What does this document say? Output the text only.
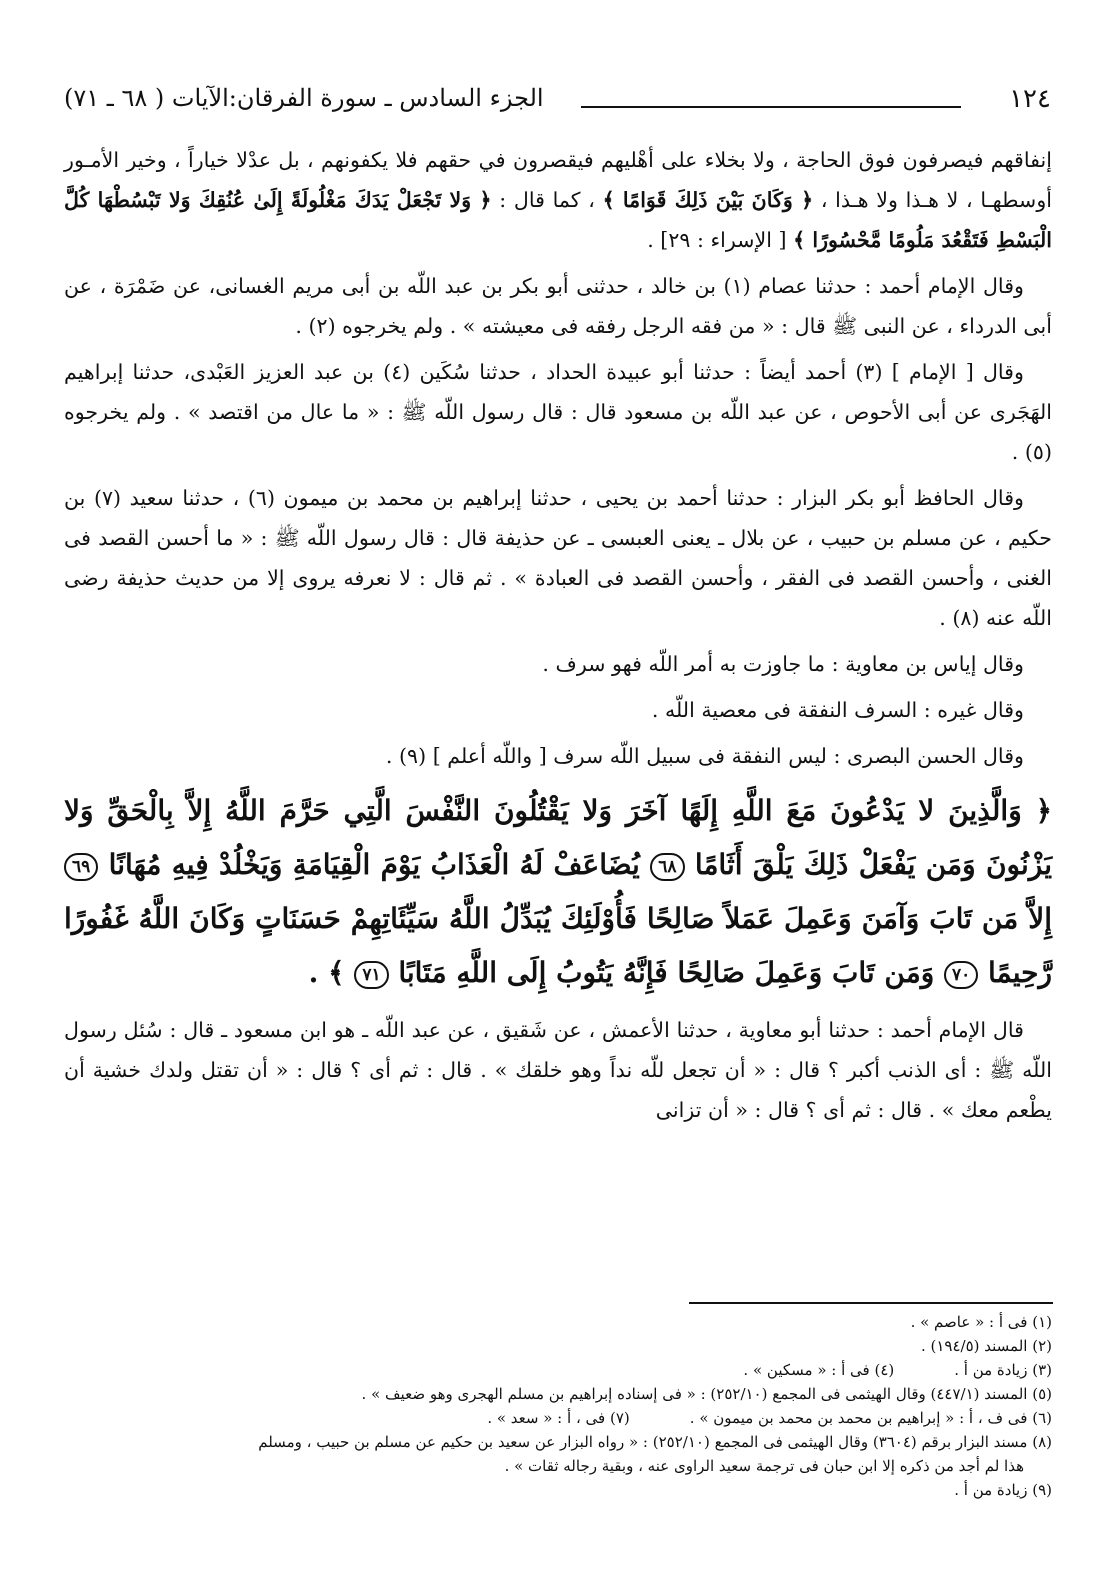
١٢٤
الجزء السادس ـ سورة الفرقان:الآيات ( ٦٨ ـ ٧١)

إنفاقهم فيصرفون فوق الحاجة ، ولا بخلاء على أهْليهم فيقصرون في حقهم فلا يكفونهم ، بل عدْلا خياراً ، وخير الأمـور أوسطهـا ، لا هـذا ولا هـذا ، ﴿ وَكَانَ بَيْنَ ذَلِكَ قَوَامًا ﴾ ، كما قال : ﴿ وَلا تَجْعَلْ يَدَكَ مَغْلُولَةً إِلَىٰ عُنُقِكَ وَلا تَبْسُطْهَا كُلَّ الْبَسْطِ فَتَقْعُدَ مَلُومًا مَّحْسُورًا ﴾ [ الإسراء : ٢٩] .

وقال الإمام أحمد : حدثنا عصام (١) بن خالد ، حدثنى أبو بكر بن عبد اللّه بن أبى مريم الغسانى، عن ضَمْرَة ، عن أبى الدرداء ، عن النبى ﷺ قال : « من فقه الرجل رفقه فى معيشته » . ولم يخرجوه (٢) .

وقال [ الإمام ] (٣) أحمد أيضاً : حدثنا أبو عبيدة الحداد ، حدثنا سُكَين (٤) بن عبد العزيز العَبْدى، حدثنا إبراهيم الهَجَرى عن أبى الأحوص ، عن عبد اللّه بن مسعود قال : قال رسول اللّه ﷺ : « ما عال من اقتصد » . ولم يخرجوه (٥) .

وقال الحافظ أبو بكر البزار : حدثنا أحمد بن يحيى ، حدثنا إبراهيم بن محمد بن ميمون (٦) ، حدثنا سعيد (٧) بن حكيم ، عن مسلم بن حبيب ، عن بلال ـ يعنى العبسى ـ عن حذيفة قال : قال رسول اللّه ﷺ : « ما أحسن القصد فى الغنى ، وأحسن القصد فى الفقر ، وأحسن القصد فى العبادة » . ثم قال : لا نعرفه يروى إلا من حديث حذيفة رضى اللّه عنه (٨) .

وقال إياس بن معاوية : ما جاوزت به أمر اللّه فهو سرف .

وقال غيره : السرف النفقة فى معصية اللّه .

وقال الحسن البصرى : ليس النفقة فى سبيل اللّه سرف [ واللّه أعلم ] (٩) .

﴿ وَالَّذِينَ لا يَدْعُونَ مَعَ اللَّهِ إِلَهًا آخَرَ وَلا يَقْتُلُونَ النَّفْسَ الَّتِي حَرَّمَ اللَّهُ إِلاَّ بِالْحَقِّ وَلا يَزْنُونَ وَمَن يَفْعَلْ ذَلِكَ يَلْقَ أَثَامًا ٦٨ يُضَاعَفْ لَهُ الْعَذَابُ يَوْمَ الْقِيَامَةِ وَيَخْلُدْ فِيهِ مُهَانًا ٦٩ إِلاَّ مَن تَابَ وَآمَنَ وَعَمِلَ عَمَلاً صَالِحًا فَأُوْلَئِكَ يُبَدِّلُ اللَّهُ سَيِّئَاتِهِمْ حَسَنَاتٍ وَكَانَ اللَّهُ غَفُورًا رَّحِيمًا ٧٠ وَمَن تَابَ وَعَمِلَ صَالِحًا فَإِنَّهُ يَتُوبُ إِلَى اللَّهِ مَتَابًا ٧١ ﴾ .

قال الإمام أحمد : حدثنا أبو معاوية ، حدثنا الأعمش ، عن شَقيق ، عن عبد اللّه ـ هو ابن مسعود ـ قال : سُئل رسول اللّه ﷺ : أى الذنب أكبر ؟ قال : « أن تجعل للّه نداً وهو خلقك » . قال : ثم أى ؟ قال : « أن تقتل ولدك خشية أن يطْعم معك » . قال : ثم أى ؟ قال : « أن تزانى

(١) فى أ : « عاصم » .

(٢) المسند (١٩٤/٥) .

(٣) زيادة من أ .(٤) فى أ : « مسكين » .

(٥) المسند (٤٤٧/١) وقال الهيثمى فى المجمع (٢٥٢/١٠) : « فى إسناده إبراهيم بن مسلم الهجرى وهو ضعيف » .

(٦) فى ف ، أ : « إبراهيم بن محمد بن محمد بن ميمون » .(٧) فى ، أ : « سعد » .

(٨) مسند البزار برقم (٣٦٠٤) وقال الهيثمى فى المجمع (٢٥٢/١٠) : « رواه البزار عن سعيد بن حكيم عن مسلم بن حبيب ، ومسلم

هذا لم أجد من ذكره إلا ابن حبان فى ترجمة سعيد الراوى عنه ، وبقية رجاله ثقات » .

(٩) زيادة من أ .
